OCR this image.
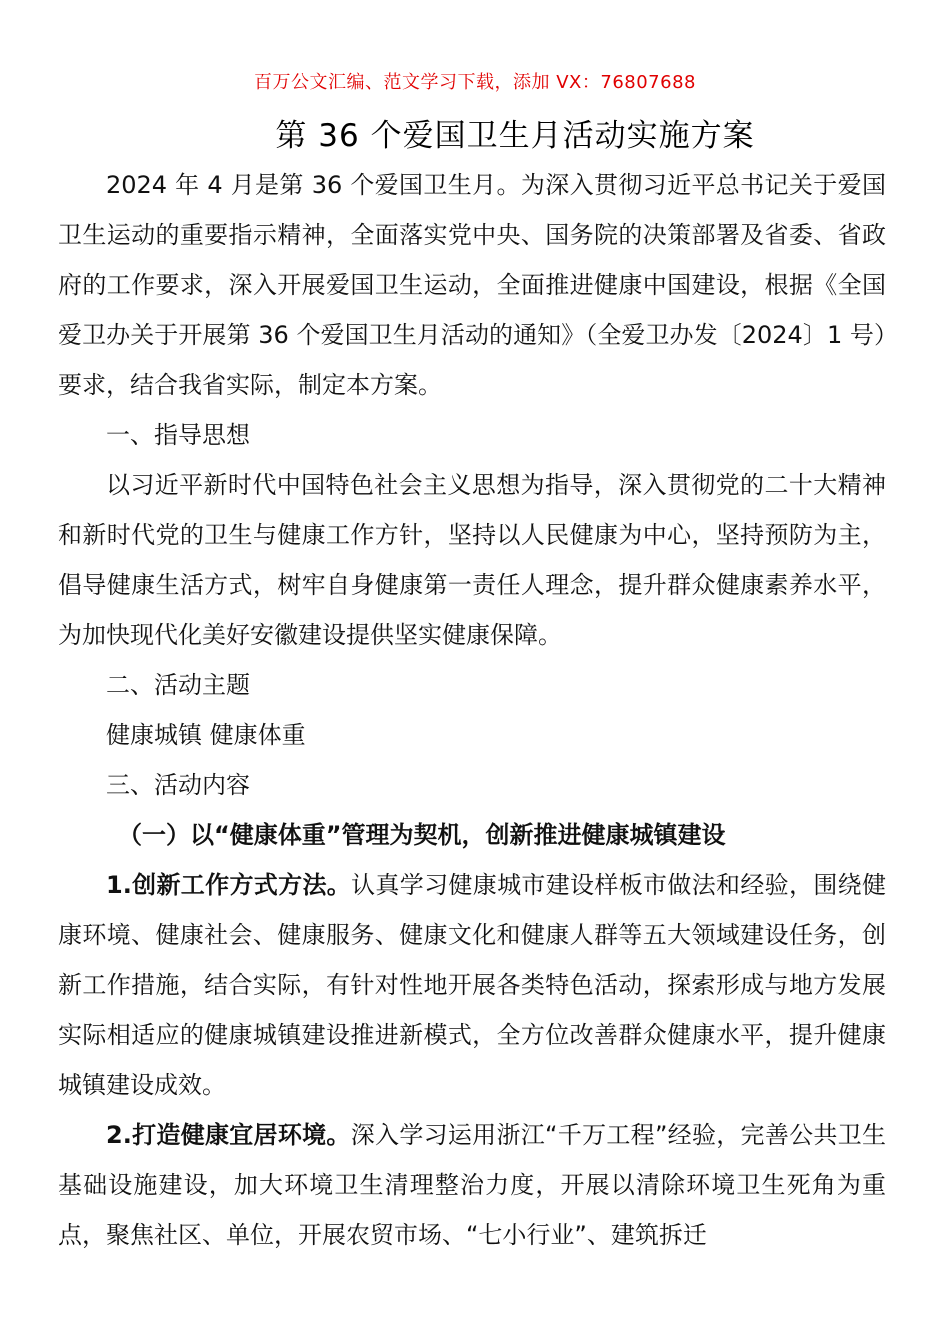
百万公文汇编、范文学习下载，添加 VX：76807688
第 36 个爱国卫生月活动实施方案

2024 年 4 月是第 36 个爱国卫生月。为深入贯彻习近平总书记关于爱国卫生运动的重要指示精神，全面落实党中央、国务院的决策部署及省委、省政府的工作要求，深入开展爱国卫生运动，全面推进健康中国建设，根据《全国爱卫办关于开展第 36 个爱国卫生月活动的通知》（全爱卫办发〔2024〕1 号）要求，结合我省实际，制定本方案。

一、指导思想

以习近平新时代中国特色社会主义思想为指导，深入贯彻党的二十大精神和新时代党的卫生与健康工作方针，坚持以人民健康为中心，坚持预防为主，倡导健康生活方式，树牢自身健康第一责任人理念，提升群众健康素养水平，为加快现代化美好安徽建设提供坚实健康保障。

二、活动主题

健康城镇 健康体重

三、活动内容

（一）以“健康体重”管理为契机，创新推进健康城镇建设

1.创新工作方式方法。认真学习健康城市建设样板市做法和经验，围绕健康环境、健康社会、健康服务、健康文化和健康人群等五大领域建设任务，创新工作措施，结合实际，有针对性地开展各类特色活动，探索形成与地方发展实际相适应的健康城镇建设推进新模式，全方位改善群众健康水平，提升健康城镇建设成效。

2.打造健康宜居环境。深入学习运用浙江“千万工程”经验，完善公共卫生基础设施建设，加大环境卫生清理整治力度，开展以清除环境卫生死角为重点，聚焦社区、单位，开展农贸市场、“七小行业”、建筑拆迁
